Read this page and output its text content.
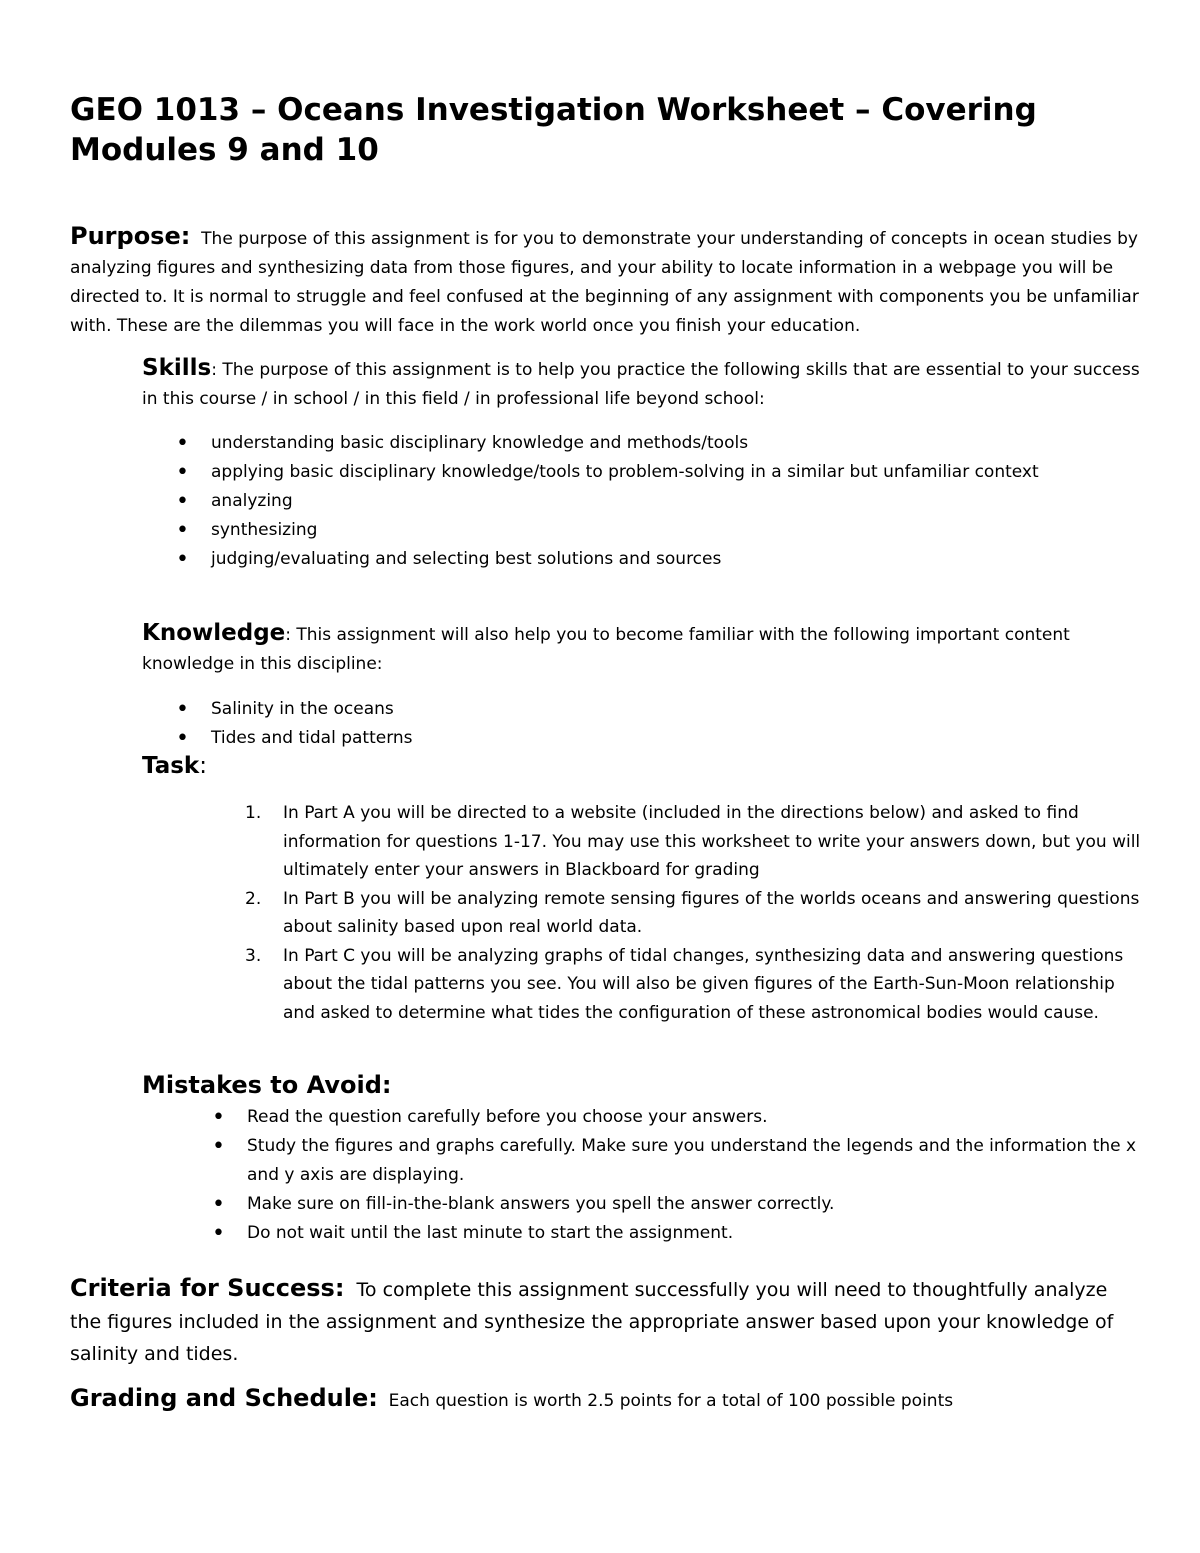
GEO 1013 – Oceans Investigation Worksheet – Covering Modules 9 and 10

Purpose: The purpose of this assignment is for you to demonstrate your understanding of concepts in ocean studies by analyzing figures and synthesizing data from those figures, and your ability to locate information in a webpage you will be directed to. It is normal to struggle and feel confused at the beginning of any assignment with components you be unfamiliar with. These are the dilemmas you will face in the work world once you finish your education.

Skills: The purpose of this assignment is to help you practice the following skills that are essential to your success in this course / in school / in this field / in professional life beyond school:

• understanding basic disciplinary knowledge and methods/tools
• applying basic disciplinary knowledge/tools to problem-solving in a similar but unfamiliar context
• analyzing
• synthesizing
• judging/evaluating and selecting best solutions and sources

Knowledge: This assignment will also help you to become familiar with the following important content knowledge in this discipline:

• Salinity in the oceans
• Tides and tidal patterns

Task:

1. In Part A you will be directed to a website (included in the directions below) and asked to find information for questions 1-17. You may use this worksheet to write your answers down, but you will ultimately enter your answers in Blackboard for grading
2. In Part B you will be analyzing remote sensing figures of the worlds oceans and answering questions about salinity based upon real world data.
3. In Part C you will be analyzing graphs of tidal changes, synthesizing data and answering questions about the tidal patterns you see. You will also be given figures of the Earth-Sun-Moon relationship and asked to determine what tides the configuration of these astronomical bodies would cause.

Mistakes to Avoid:

• Read the question carefully before you choose your answers.
• Study the figures and graphs carefully. Make sure you understand the legends and the information the x and y axis are displaying.
• Make sure on fill-in-the-blank answers you spell the answer correctly.
• Do not wait until the last minute to start the assignment.

Criteria for Success: To complete this assignment successfully you will need to thoughtfully analyze the figures included in the assignment and synthesize the appropriate answer based upon your knowledge of salinity and tides.

Grading and Schedule: Each question is worth 2.5 points for a total of 100 possible points
